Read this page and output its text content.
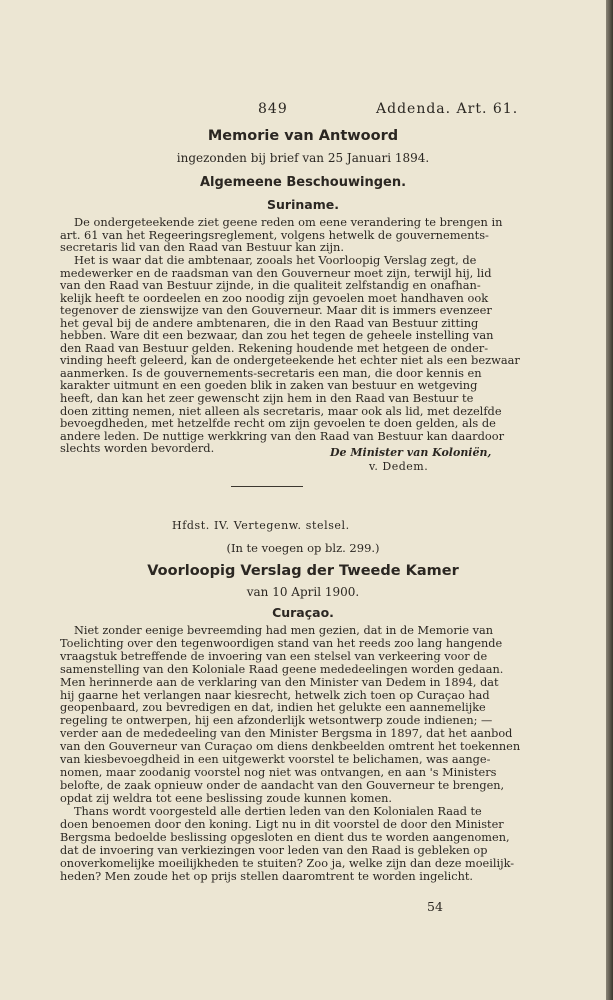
849	Addenda. Art. 61.
Memorie van Antwoord
ingezonden bij brief van 25 Januari 1894.
Algemeene Beschouwingen.
Suriname.
De ondergeteekende ziet geene reden om eene verandering te brengen in
art. 61 van het Regeeringsreglement, volgens hetwelk de gouvernements-
secretaris lid van den Raad van Bestuur kan zijn.
Het is waar dat die ambtenaar, zooals het Voorloopig Verslag zegt, de
medewerker en de raadsman van den Gouverneur moet zijn, terwijl hij, lid
van den Raad van Bestuur zijnde, in die qualiteit zelfstandig en onafhan-
kelijk heeft te oordeelen en zoo noodig zijn gevoelen moet handhaven ook
tegenover de zienswijze van den Gouverneur. Maar dit is immers evenzeer
het geval bij de andere ambtenaren, die in den Raad van Bestuur zitting
hebben. Ware dit een bezwaar, dan zou het tegen de geheele instelling van
den Raad van Bestuur gelden. Rekening houdende met hetgeen de onder-
vinding heeft geleerd, kan de ondergeteekende het echter niet als een bezwaar
aanmerken. Is de gouvernements-secretaris een man, die door kennis en
karakter uitmunt en een goeden blik in zaken van bestuur en wetgeving
heeft, dan kan het zeer gewenscht zijn hem in den Raad van Bestuur te
doen zitting nemen, niet alleen als secretaris, maar ook als lid, met dezelfde
bevoegdheden, met hetzelfde recht om zijn gevoelen te doen gelden, als de
andere leden. De nuttige werkkring van den Raad van Bestuur kan daardoor
slechts worden bevorderd.	De Minister van Koloniën,
v. Dedem.
Hfdst. IV. Vertegenw. stelsel.
(In te voegen op blz. 299.)
Voorloopig Verslag der Tweede Kamer
van 10 April 1900.
Curaçao.
Niet zonder eenige bevreemding had men gezien, dat in de Memorie van
Toelichting over den tegenwoordigen stand van het reeds zoo lang hangende
vraagstuk betreffende de invoering van een stelsel van verkeering voor de
samenstelling van den Koloniale Raad geene mededeelingen worden gedaan.
Men herinnerde aan de verklaring van den Minister van Dedem in 1894, dat
hij gaarne het verlangen naar kiesrecht, hetwelk zich toen op Curaçao had
geopenbaard, zou bevredigen en dat, indien het gelukte een aannemelijke
regeling te ontwerpen, hij een afzonderlijk wetsontwerp zoude indienen; —
verder aan de mededeeling van den Minister Bergsma in 1897, dat het aanbod
van den Gouverneur van Curaçao om diens denkbeelden omtrent het toekennen
van kiesbevoegdheid in een uitgewerkt voorstel te belichamen, was aange-
nomen, maar zoodanig voorstel nog niet was ontvangen, en aan 's Ministers
belofte, de zaak opnieuw onder de aandacht van den Gouverneur te brengen,
opdat zij weldra tot eene beslissing zoude kunnen komen.
Thans wordt voorgesteld alle dertien leden van den Kolonialen Raad te
doen benoemen door den koning. Ligt nu in dit voorstel de door den Minister
Bergsma bedoelde beslissing opgesloten en dient dus te worden aangenomen,
dat de invoering van verkiezingen voor leden van den Raad is gebleken op
onoverkomelijke moeilijkheden te stuiten? Zoo ja, welke zijn dan deze moeilijk-
heden? Men zoude het op prijs stellen daaromtrent te worden ingelicht.
54
